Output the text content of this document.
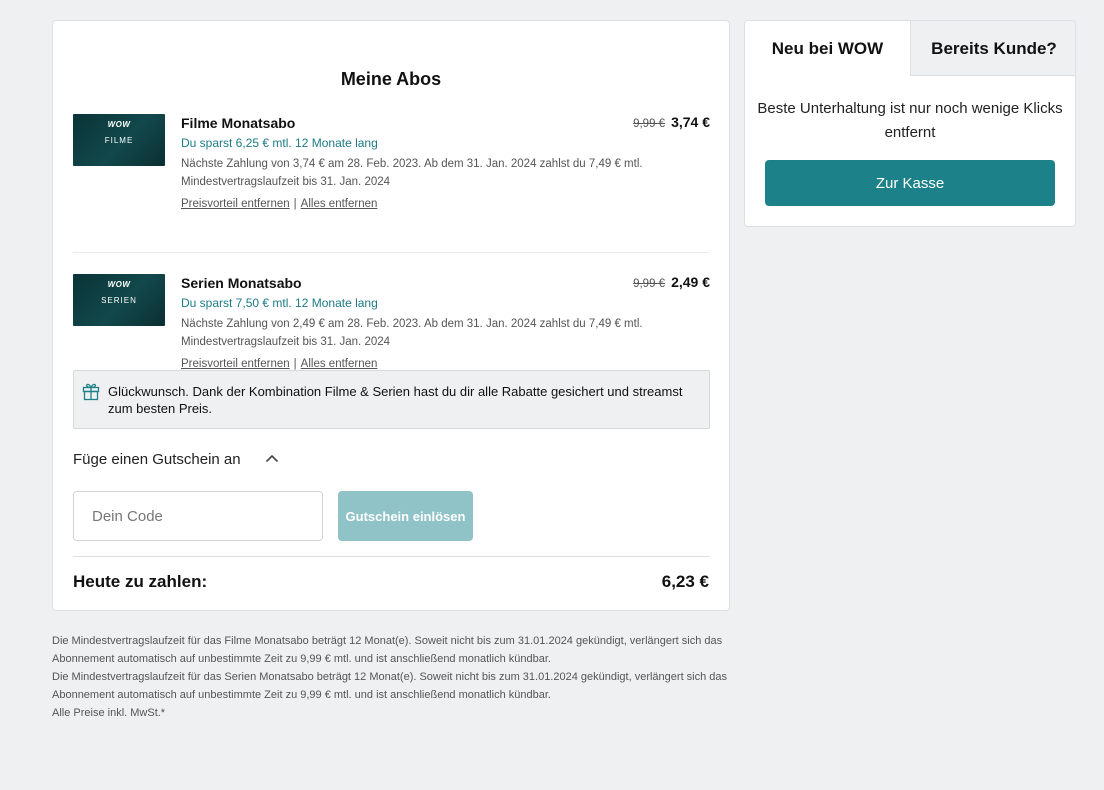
Meine Abos
WOW
FILME
Filme Monatsabo
Du sparst 6,25 € mtl. 12 Monate lang
Nächste Zahlung von 3,74 € am 28. Feb. 2023. Ab dem 31. Jan. 2024 zahlst du 7,49 € mtl.
Mindestvertragslaufzeit bis 31. Jan. 2024
Preisvorteil entfernen | Alles entfernen
9,99 € 3,74 €
WOW
SERIEN
Serien Monatsabo
Du sparst 7,50 € mtl. 12 Monate lang
Nächste Zahlung von 2,49 € am 28. Feb. 2023. Ab dem 31. Jan. 2024 zahlst du 7,49 € mtl.
Mindestvertragslaufzeit bis 31. Jan. 2024
Preisvorteil entfernen | Alles entfernen
9,99 € 2,49 €
Glückwunsch. Dank der Kombination Filme & Serien hast du dir alle Rabatte gesichert und streamst zum besten Preis.
Füge einen Gutschein an
Dein Code
Gutschein einlösen
Heute zu zahlen:	6,23 €

Die Mindestvertragslaufzeit für das Filme Monatsabo beträgt 12 Monat(e). Soweit nicht bis zum 31.01.2024 gekündigt, verlängert sich das Abonnement automatisch auf unbestimmte Zeit zu 9,99 € mtl. und ist anschließend monatlich kündbar.

Die Mindestvertragslaufzeit für das Serien Monatsabo beträgt 12 Monat(e). Soweit nicht bis zum 31.01.2024 gekündigt, verlängert sich das Abonnement automatisch auf unbestimmte Zeit zu 9,99 € mtl. und ist anschließend monatlich kündbar.

Alle Preise inkl. MwSt.*

Neu bei WOW	Bereits Kunde?
Beste Unterhaltung ist nur noch wenige Klicks entfernt
Zur Kasse
